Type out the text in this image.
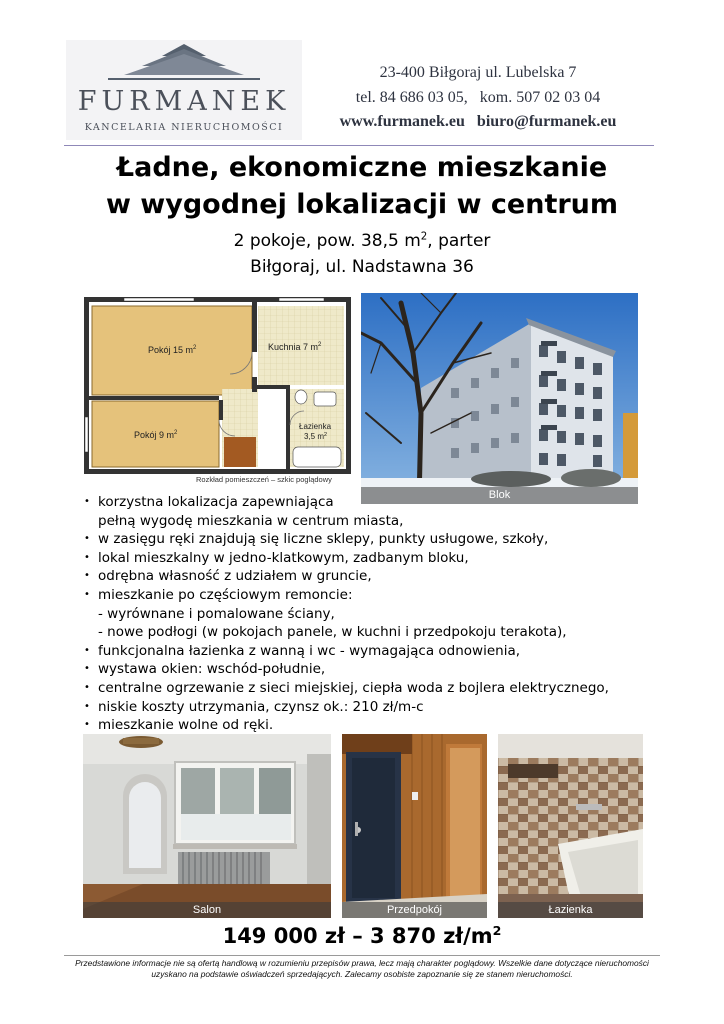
FURMANEK
KANCELARIA NIERUCHOMOŚCI
23-400 Biłgoraj ul. Lubelska 7
tel. 84 686 03 05,   kom. 507 02 03 04
www.furmanek.eu   biuro@furmanek.eu
Ładne, ekonomiczne mieszkanie
w wygodnej lokalizacji w centrum
2 pokoje, pow. 38,5 $m^2$, parter
Biłgoraj, ul. Nadstawna 36
Pokój 15 $m^2$	Kuchnia 7 $m^2$
Pokój 9 $m^2$
Łazienka
3,5 $m^2$
Rozkład pomieszczeń – szkic poglądowy
Blok
• korzystna lokalizacja zapewniająca
pełną wygodę mieszkania w centrum miasta,
• w zasięgu ręki znajdują się liczne sklepy, punkty usługowe, szkoły,
• lokal mieszkalny w jedno-klatkowym, zadbanym bloku,
• odrębna własność z udziałem w gruncie,
• mieszkanie po częściowym remoncie:
- wyrównane i pomalowane ściany,
- nowe podłogi (w pokojach panele, w kuchni i przedpokoju terakota),
• funkcjonalna łazienka z wanną i wc - wymagająca odnowienia,
• wystawa okien: wschód-południe,
• centralne ogrzewanie z sieci miejskiej, ciepła woda z bojlera elektrycznego,
• niskie koszty utrzymania, czynsz ok.: 210 zł/m-c
• mieszkanie wolne od ręki.
Salon	Przedpokój	Łazienka
149 000 zł – 3 870 $zł/m^2$
Przedstawione informacje nie są ofertą handlową w rozumieniu przepisów prawa, lecz mają charakter poglądowy. Wszelkie dane dotyczące nieruchomości
uzyskano na podstawie oświadczeń sprzedających. Zalecamy osobiste zapoznanie się ze stanem nieruchomości.
